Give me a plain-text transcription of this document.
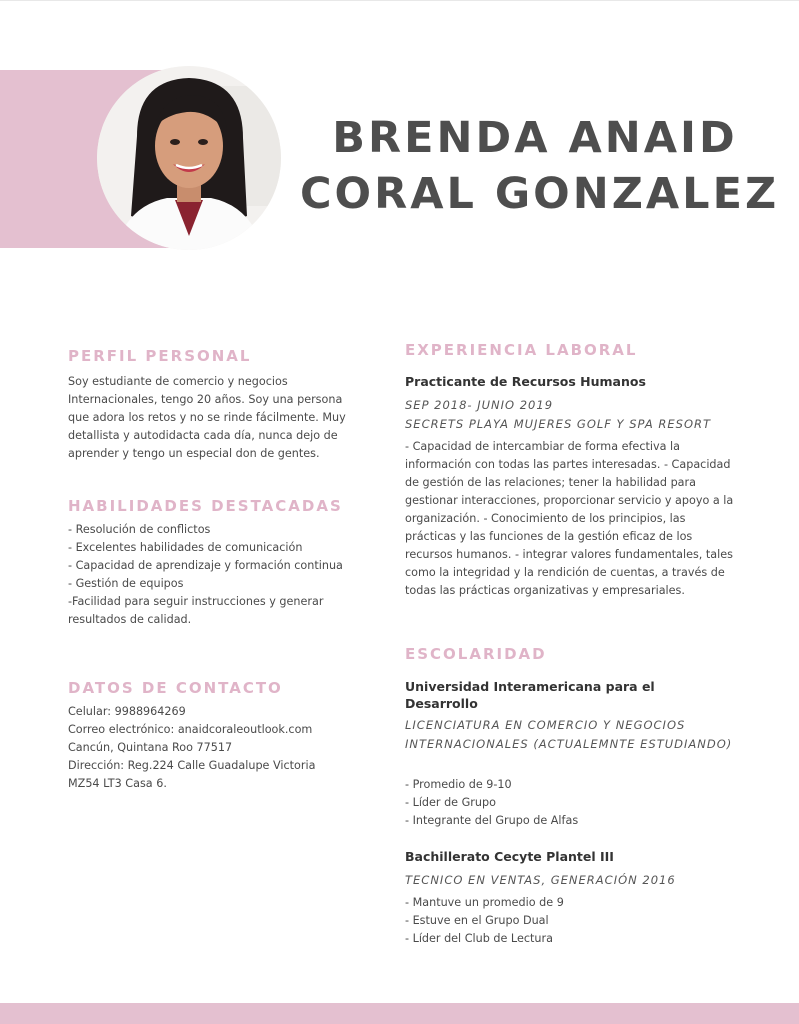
BRENDA ANAID
CORAL GONZALEZ
PERFIL PERSONAL
Soy estudiante de comercio y negocios Internacionales, tengo 20 años. Soy una persona que adora los retos y no se rinde fácilmente. Muy detallista y autodidacta cada día, nunca dejo de aprender y tengo un especial don de gentes.
HABILIDADES DESTACADAS
- Resolución de conflictos
- Excelentes habilidades de comunicación
- Capacidad de aprendizaje y formación continua
- Gestión de equipos
-Facilidad para seguir instrucciones y generar resultados de calidad.
DATOS DE CONTACTO
Celular: 9988964269
Correo electrónico: anaidcoraleoutlook.com
Cancún, Quintana Roo 77517
Dirección: Reg.224 Calle Guadalupe Victoria
MZ54 LT3 Casa 6.
EXPERIENCIA LABORAL
Practicante de Recursos Humanos
SEP 2018- JUNIO 2019
SECRETS PLAYA MUJERES GOLF Y SPA RESORT
- Capacidad de intercambiar de forma efectiva la información con todas las partes interesadas. - Capacidad de gestión de las relaciones; tener la habilidad para gestionar interacciones, proporcionar servicio y apoyo a la organización. - Conocimiento de los principios, las prácticas y las funciones de la gestión eficaz de los recursos humanos. - integrar valores fundamentales, tales como la integridad y la rendición de cuentas, a través de todas las prácticas organizativas y empresariales.
ESCOLARIDAD
Universidad Interamericana para el Desarrollo
LICENCIATURA EN COMERCIO Y NEGOCIOS INTERNACIONALES (ACTUALEMNTE ESTUDIANDO)
- Promedio de 9-10
- Líder de Grupo
- Integrante del Grupo de Alfas
Bachillerato Cecyte Plantel III
TECNICO EN VENTAS, GENERACIÓN 2016
- Mantuve un promedio de 9
- Estuve en el Grupo Dual
- Líder del Club de Lectura
